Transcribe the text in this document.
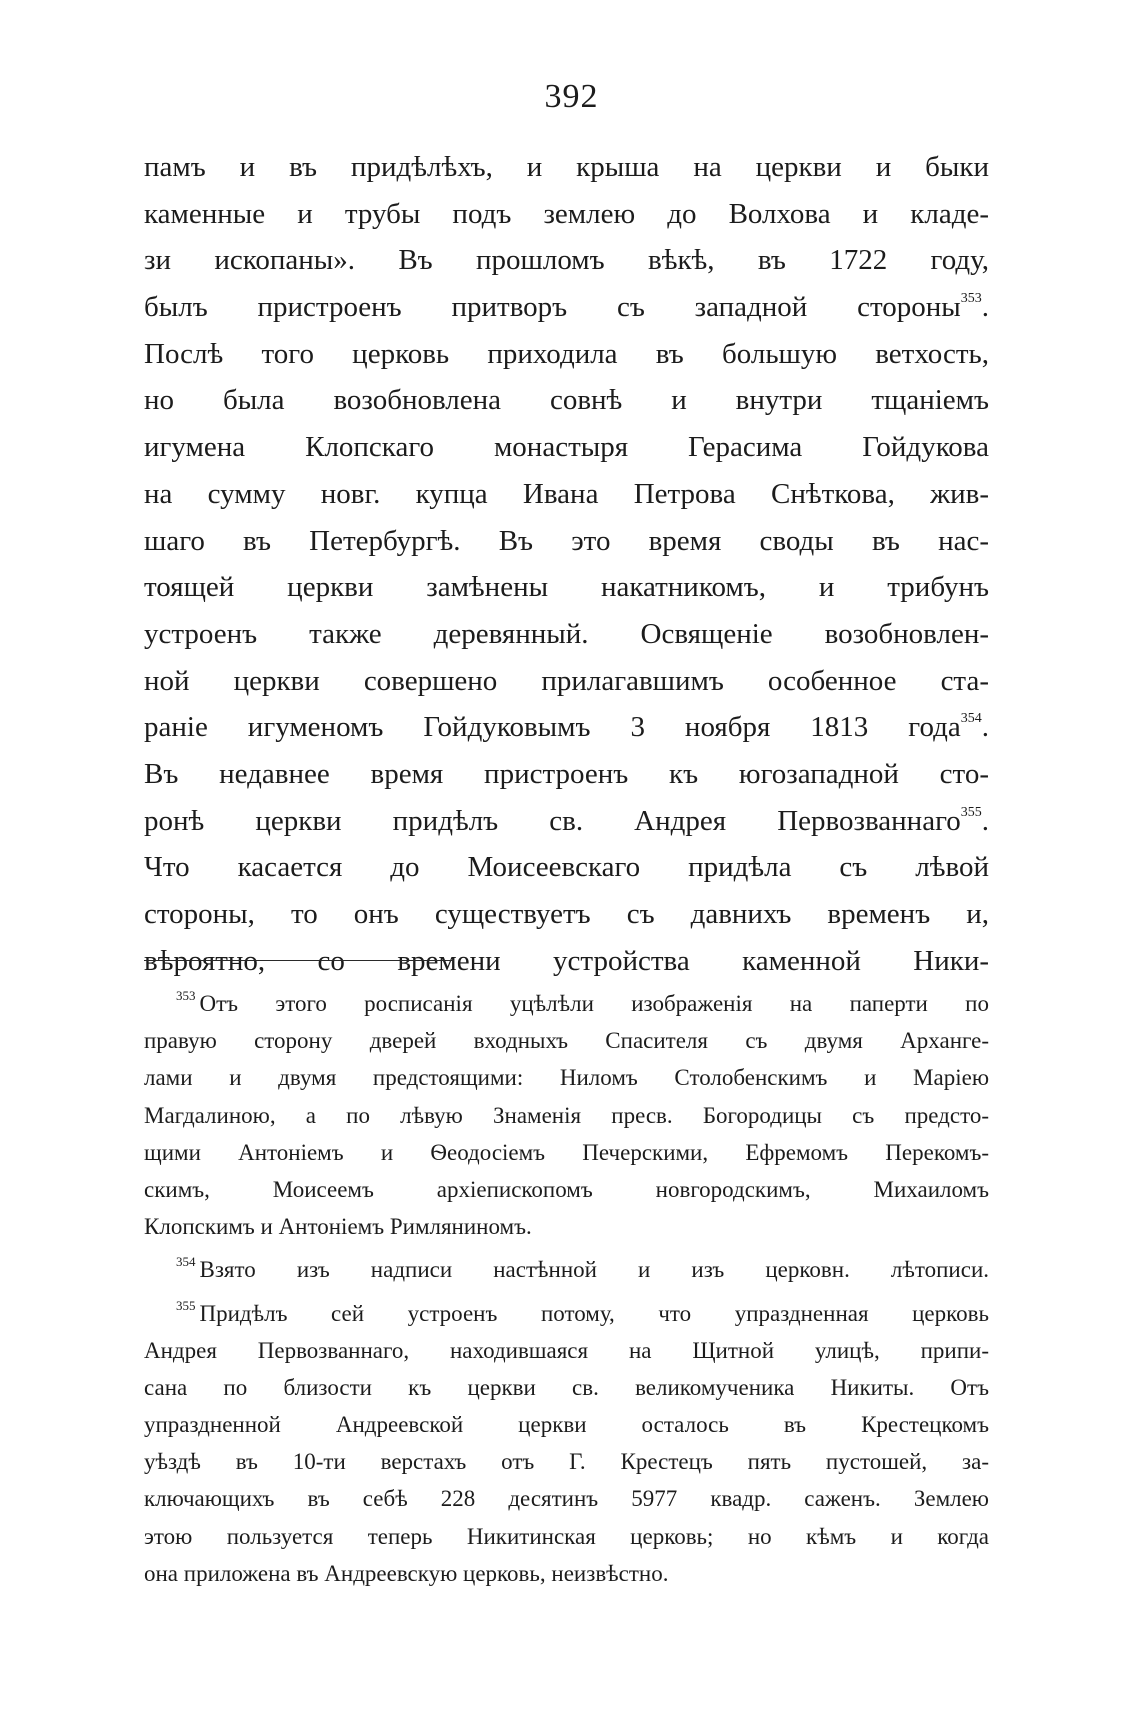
392
памъ и въ придѣлѣхъ, и крыша на церкви и быки
каменные и трубы подъ землею до Волхова и кладе-
зи ископаны». Въ прошломъ вѣкѣ, въ 1722 году,
былъ пристроенъ притворъ съ западной стороны$^{353}$.
Послѣ того церковь приходила въ большую ветхость,
но была возобновлена совнѣ и внутри тщаніемъ
игумена Клопскаго монастыря Герасима Гойдукова
на сумму новг. купца Ивана Петрова Снѣткова, жив-
шаго въ Петербургѣ. Въ это время своды въ нас-
тоящей церкви замѣнены накатникомъ, и трибунъ
устроенъ также деревянный. Освященіе возобновлен-
ной церкви совершено прилагавшимъ особенное ста-
раніе игуменомъ Гойдуковымъ 3 ноября 1813 года$^{354}$.
Въ недавнее время пристроенъ къ югозападной сто-
ронѣ церкви придѣлъ св. Андрея Первозваннаго$^{355}$.
Что касается до Моисеевскаго придѣла съ лѣвой
стороны, то онъ существуетъ съ давнихъ временъ и,
вѣроятно, со времени устройства каменной Ники-
$^{353}$ Отъ этого росписанія уцѣлѣли изображенія на паперти по
правую сторону дверей входныхъ Спасителя съ двумя Арханге-
лами и двумя предстоящими: Ниломъ Столобенскимъ и Маріею
Магдалиною, а по лѣвую Знаменія пресв. Богородицы съ предсто-
щими Антоніемъ и Ѳеодосіемъ Печерскими, Ефремомъ Перекомъ-
скимъ, Моисеемъ архіепископомъ новгородскимъ, Михаиломъ
Клопскимъ и Антоніемъ Римляниномъ.
$^{354}$ Взято изъ надписи настѣнной и изъ церковн. лѣтописи.
$^{355}$ Придѣлъ сей устроенъ потому, что упраздненная церковь
Андрея Первозваннаго, находившаяся на Щитной улицѣ, припи-
сана по близости къ церкви св. великомученика Никиты. Отъ
упраздненной Андреевской церкви осталось въ Крестецкомъ
уѣздѣ въ 10-ти верстахъ отъ Г. Крестецъ пять пустошей, за-
ключающихъ въ себѣ 228 десятинъ 5977 квадр. саженъ. Землею
этою пользуется теперь Никитинская церковь; но кѣмъ и когда
она приложена въ Андреевскую церковь, неизвѣстно.
